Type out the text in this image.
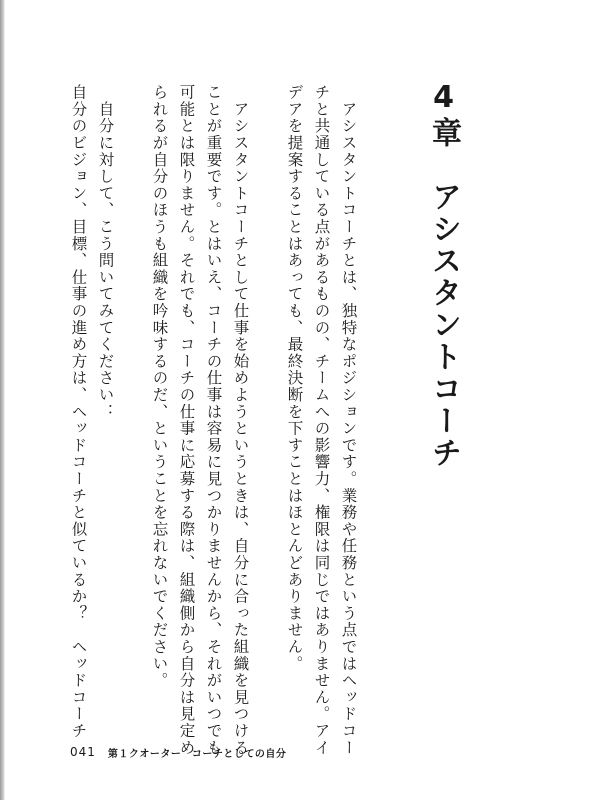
4章　アシスタントコーチ
　アシスタントコーチとは、独特なポジションです。業務や任務という点ではヘッドコー
チと共通している点があるものの、チームへの影響力、権限は同じではありません。アイ
デアを提案することはあっても、最終決断を下すことはほとんどありません。
　アシスタントコーチとして仕事を始めようというときは、自分に合った組織を見つける
ことが重要です。とはいえ、コーチの仕事は容易に見つかりませんから、それがいつでも
可能とは限りません。それでも、コーチの仕事に応募する際は、組織側から自分は見定め
られるが自分のほうも組織を吟味するのだ、ということを忘れないでください。
　自分に対して、こう問いてみてください：
自分のビジョン、目標、仕事の進め方は、ヘッドコーチと似ているか？　ヘッドコーチ
041 第１クオーター　コーチとしての自分
